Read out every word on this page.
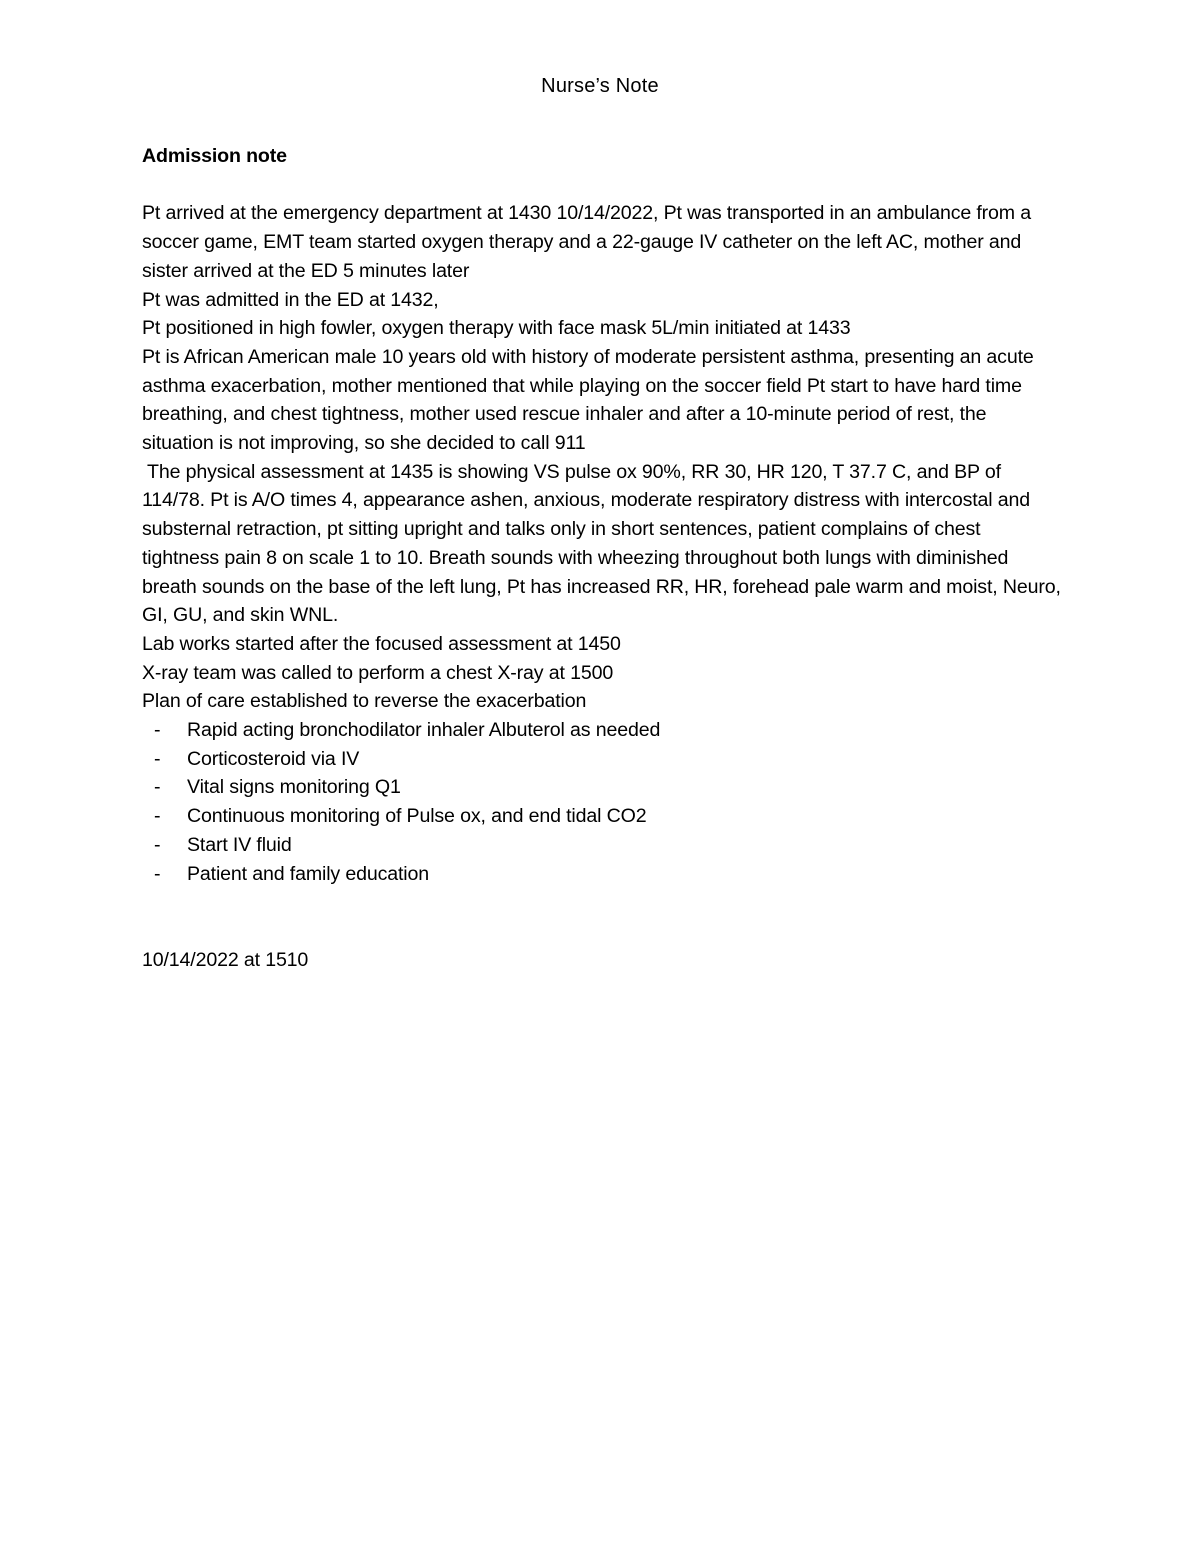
Nurse’s Note
Admission note

Pt arrived at the emergency department at 1430 10/14/2022, Pt was transported in an ambulance from a soccer game, EMT team started oxygen therapy and a 22-gauge IV catheter on the left AC, mother and sister arrived at the ED 5 minutes later

Pt was admitted in the ED at 1432,

Pt positioned in high fowler, oxygen therapy with face mask 5L/min initiated at 1433

Pt is African American male 10 years old with history of moderate persistent asthma, presenting an acute asthma exacerbation, mother mentioned that while playing on the soccer field Pt start to have hard time breathing, and chest tightness, mother used rescue inhaler and after a 10-minute period of rest, the situation is not improving, so she decided to call 911

The physical assessment at 1435 is showing VS pulse ox 90%, RR 30, HR 120, T 37.7 C, and BP of 114/78. Pt is A/O times 4, appearance ashen, anxious, moderate respiratory distress with intercostal and substernal retraction, pt sitting upright and talks only in short sentences, patient complains of chest tightness pain 8 on scale 1 to 10. Breath sounds with wheezing throughout both lungs with diminished breath sounds on the base of the left lung, Pt has increased RR, HR, forehead pale warm and moist, Neuro, GI, GU, and skin WNL.

Lab works started after the focused assessment at 1450

X-ray team was called to perform a chest X-ray at 1500

Plan of care established to reverse the exacerbation

- Rapid acting bronchodilator inhaler Albuterol as needed
- Corticosteroid via IV
- Vital signs monitoring Q1
- Continuous monitoring of Pulse ox, and end tidal CO2
- Start IV fluid
- Patient and family education
10/14/2022 at 1510
